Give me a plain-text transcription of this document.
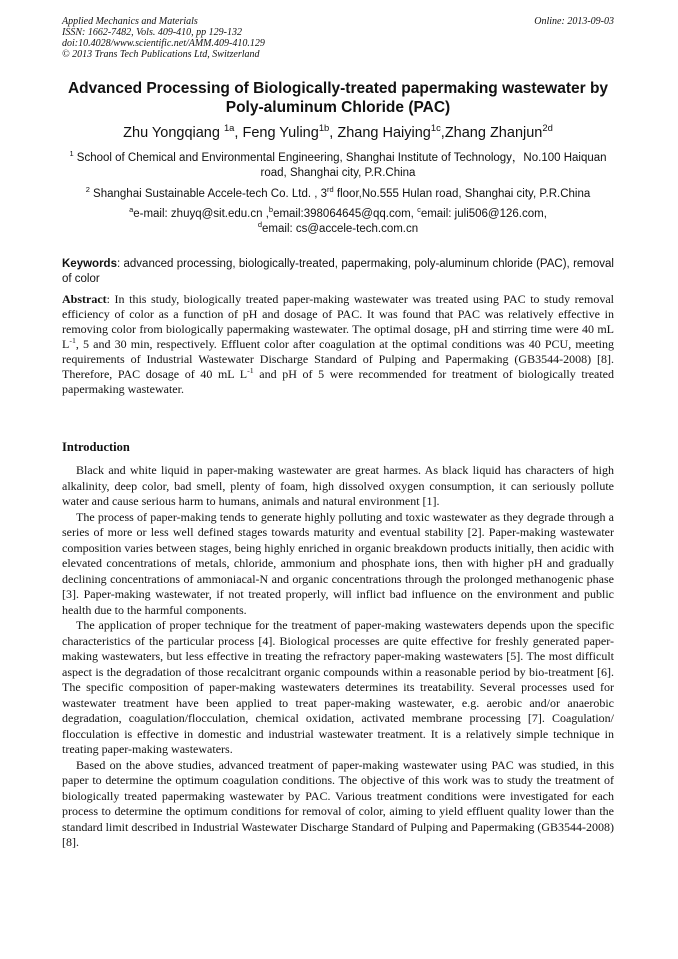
Applied Mechanics and Materials
ISSN: 1662-7482, Vols. 409-410, pp 129-132
doi:10.4028/www.scientific.net/AMM.409-410.129
© 2013 Trans Tech Publications Ltd, Switzerland
Online: 2013-09-03
Advanced Processing of Biologically-treated papermaking wastewater by Poly-aluminum Chloride (PAC)
Zhu Yongqiang $^{1a}$, Feng Yuling$^{1b}$, Zhang Haiying$^{1c}$,Zhang Zhanjun$^{2d}$
$^1$ School of Chemical and Environmental Engineering, Shanghai Institute of Technology，No.100 Haiquan road, Shanghai city, P.R.China
$^2$ Shanghai Sustainable Accele-tech Co. Ltd. , 3rd floor,No.555 Hulan road, Shanghai city, P.R.China
$^a$e-mail: zhuyq@sit.edu.cn ,$^b$email:398064645@qq.com, $^c$email: juli506@126.com,
$^d$email: cs@accele-tech.com.cn
Keywords: advanced processing, biologically-treated, papermaking, poly-aluminum chloride (PAC), removal of color
Abstract: In this study, biologically treated paper-making wastewater was treated using PAC to study removal efficiency of color as a function of pH and dosage of PAC. It was found that PAC was relatively effective in removing color from biologically papermaking wastewater. The optimal dosage, pH and stirring time were 40 mL $L^{-1}$, 5 and 30 min, respectively. Effluent color after coagulation at the optimal conditions was 40 PCU, meeting requirements of Industrial Wastewater Discharge Standard of Pulping and Papermaking (GB3544-2008) [8]. Therefore, PAC dosage of 40 mL $L^{-1}$ and pH of 5 were recommended for treatment of biologically treated papermaking wastewater.
Introduction

Black and white liquid in paper-making wastewater are great harmes. As black liquid has characters of high alkalinity, deep color, bad smell, plenty of foam, high dissolved oxygen consumption, it can seriously pollute water and cause serious harm to humans, animals and natural environment [1].

The process of paper-making tends to generate highly polluting and toxic wastewater as they degrade through a series of more or less well defined stages towards maturity and eventual stability [2]. Paper-making wastewater composition varies between stages, being highly enriched in organic breakdown products initially, then acidic with elevated concentrations of metals, chloride, ammonium and phosphate ions, then with higher pH and gradually declining concentrations of ammoniacal-N and organic concentrations through the prolonged methanogenic phase [3]. Paper-making wastewater, if not treated properly, will inflict bad influence on the environment and public health due to the harmful components.

The application of proper technique for the treatment of paper-making wastewaters depends upon the specific characteristics of the particular process [4]. Biological processes are quite effective for freshly generated paper-making wastewaters, but less effective in treating the refractory paper-making wastewaters [5]. The most difficult aspect is the degradation of those recalcitrant organic compounds within a reasonable period by bio-treatment [6]. The specific composition of paper-making wastewaters determines its treatability. Several processes used for wastewater treatment have been applied to treat paper-making wastewater, e.g. aerobic and/or anaerobic degradation, coagulation/flocculation, chemical oxidation, activated membrane processing [7]. Coagulation/ flocculation is effective in domestic and industrial wastewater treatment. It is a relatively simple technique in treating paper-making wastewaters.

Based on the above studies, advanced treatment of paper-making wastewater using PAC was studied, in this paper to determine the optimum coagulation conditions. The objective of this work was to study the treatment of biologically treated papermaking wastewater by PAC. Various treatment conditions were investigated for each process to determine the optimum conditions for removal of color, aiming to yield effluent quality lower than the standard limit described in Industrial Wastewater Discharge Standard of Pulping and Papermaking (GB3544-2008) [8].
